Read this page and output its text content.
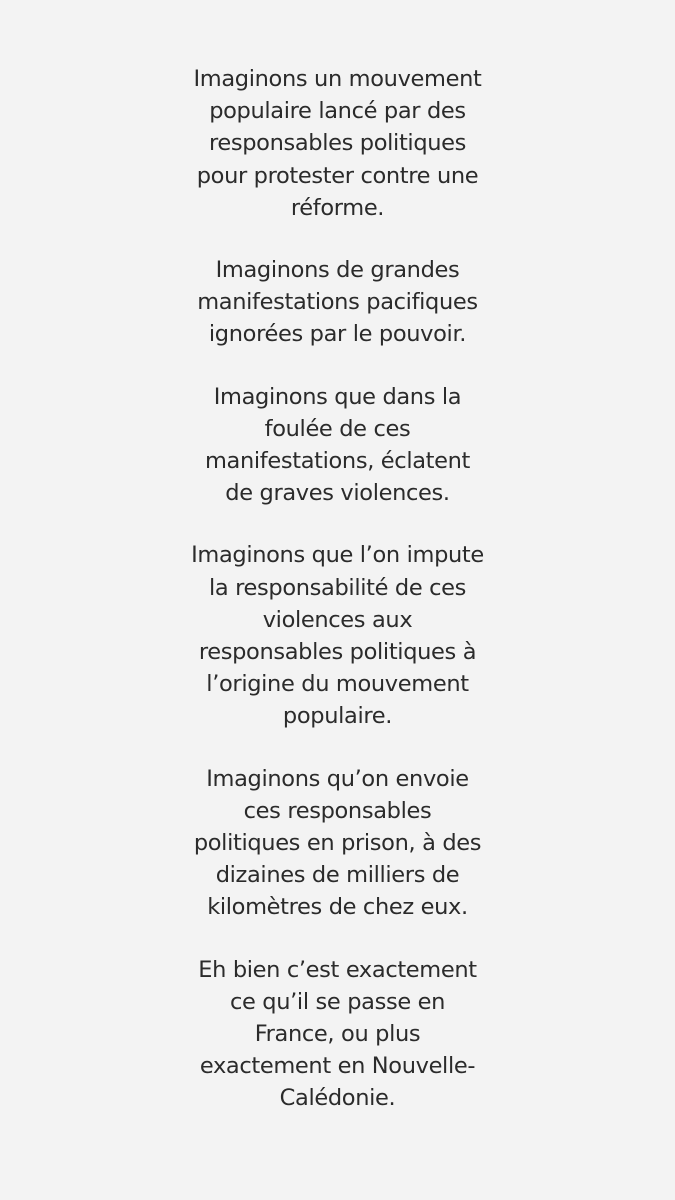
Imaginons un mouvement
populaire lancé par des
responsables politiques
pour protester contre une
réforme.

Imaginons de grandes
manifestations pacifiques
ignorées par le pouvoir.

Imaginons que dans la
foulée de ces
manifestations, éclatent
de graves violences.

Imaginons que l’on impute
la responsabilité de ces
violences aux
responsables politiques à
l’origine du mouvement
populaire.

Imaginons qu’on envoie
ces responsables
politiques en prison, à des
dizaines de milliers de
kilomètres de chez eux.

Eh bien c’est exactement
ce qu’il se passe en
France, ou plus
exactement en Nouvelle-
Calédonie.
